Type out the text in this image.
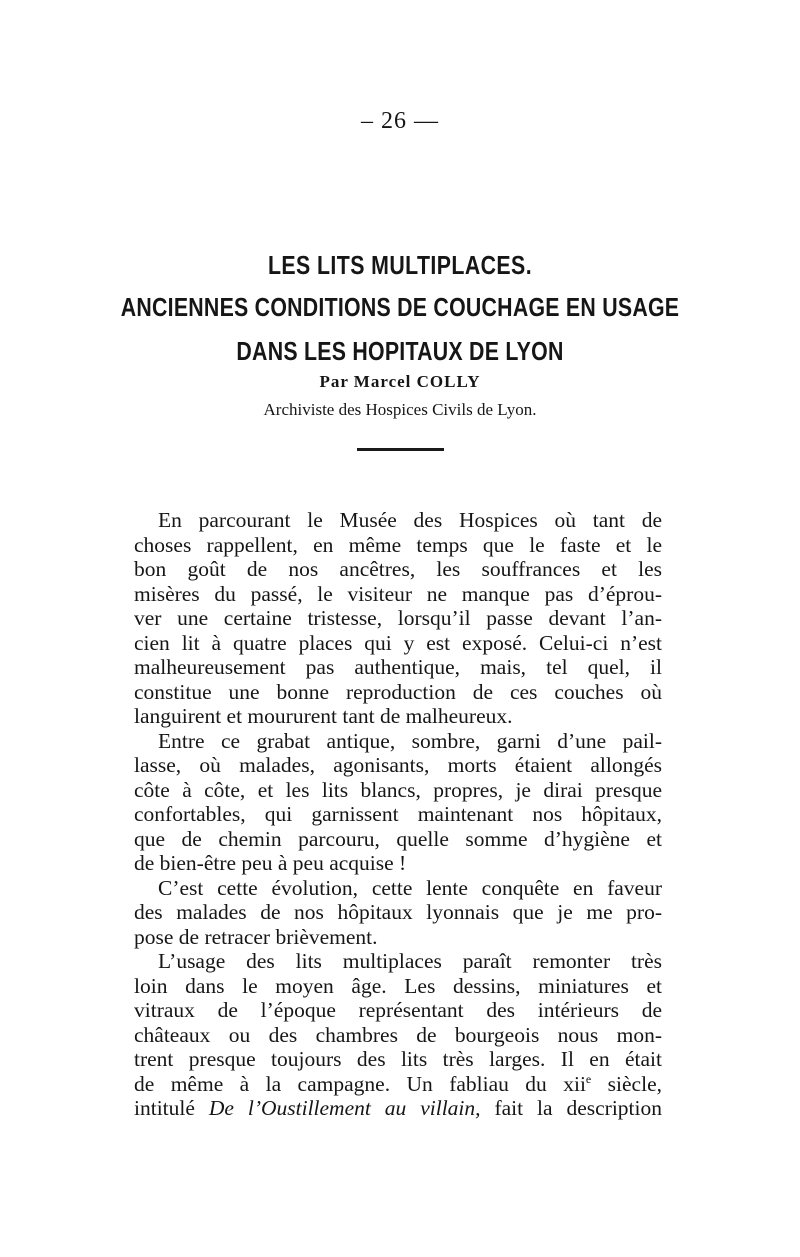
– 26 —
LES LITS MULTIPLACES.
ANCIENNES CONDITIONS DE COUCHAGE EN USAGE
DANS LES HOPITAUX DE LYON
Par Marcel COLLY
Archiviste des Hospices Civils de Lyon.
En parcourant le Musée des Hospices où tant de
choses rappellent, en même temps que le faste et le
bon goût de nos ancêtres, les souffrances et les
misères du passé, le visiteur ne manque pas d’éprou-
ver une certaine tristesse, lorsqu’il passe devant l’an-
cien lit à quatre places qui y est exposé. Celui-ci n’est
malheureusement pas authentique, mais, tel quel, il
constitue une bonne reproduction de ces couches où
languirent et moururent tant de malheureux.
Entre ce grabat antique, sombre, garni d’une pail-
lasse, où malades, agonisants, morts étaient allongés
côte à côte, et les lits blancs, propres, je dirai presque
confortables, qui garnissent maintenant nos hôpitaux,
que de chemin parcouru, quelle somme d’hygiène et
de bien-être peu à peu acquise !
C’est cette évolution, cette lente conquête en faveur
des malades de nos hôpitaux lyonnais que je me pro-
pose de retracer brièvement.
L’usage des lits multiplaces paraît remonter très
loin dans le moyen âge. Les dessins, miniatures et
vitraux de l’époque représentant des intérieurs de
châteaux ou des chambres de bourgeois nous mon-
trent presque toujours des lits très larges. Il en était
de même à la campagne. Un fabliau du xii$^e$ siècle,
intitulé De l’Oustillement au villain, fait la description
